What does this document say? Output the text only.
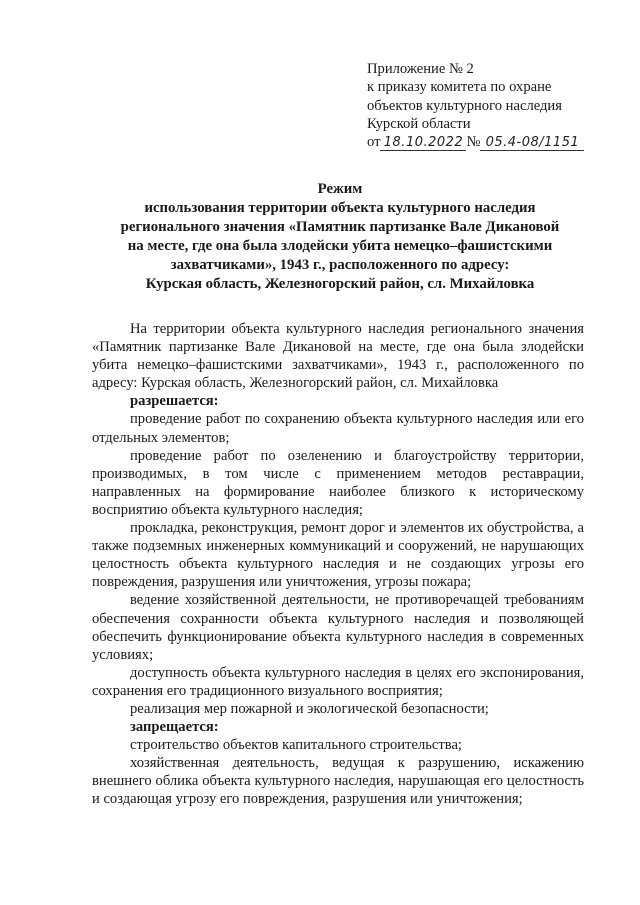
Приложение № 2
к приказу комитета по охране
объектов культурного наследия
Курской области
от 18.10.2022 № 05.4-08/1151
Режим
использования территории объекта культурного наследия
регионального значения «Памятник партизанке Вале Дикановой
на месте, где она была злодейски убита немецко–фашистскими
захватчиками», 1943 г., расположенного по адресу:
Курская область, Железногорский район, сл. Михайловка

На территории объекта культурного наследия регионального значения «Памятник партизанке Вале Дикановой на месте, где она была злодейски убита немецко–фашистскими захватчиками», 1943 г., расположенного по адресу: Курская область, Железногорский район, сл. Михайловка

разрешается:

проведение работ по сохранению объекта культурного наследия или его отдельных элементов;

проведение работ по озеленению и благоустройству территории, производимых, в том числе с применением методов реставрации, направленных на формирование наиболее близкого к историческому восприятию объекта культурного наследия;

прокладка, реконструкция, ремонт дорог и элементов их обустройства, а также подземных инженерных коммуникаций и сооружений, не нарушающих целостность объекта культурного наследия и не создающих угрозы его повреждения, разрушения или уничтожения, угрозы пожара;

ведение хозяйственной деятельности, не противоречащей требованиям обеспечения сохранности объекта культурного наследия и позволяющей обеспечить функционирование объекта культурного наследия в современных условиях;

доступность объекта культурного наследия в целях его экспонирования, сохранения его традиционного визуального восприятия;

реализация мер пожарной и экологической безопасности;

запрещается:

строительство объектов капитального строительства;

хозяйственная деятельность, ведущая к разрушению, искажению внешнего облика объекта культурного наследия, нарушающая его целостность и создающая угрозу его повреждения, разрушения или уничтожения;
